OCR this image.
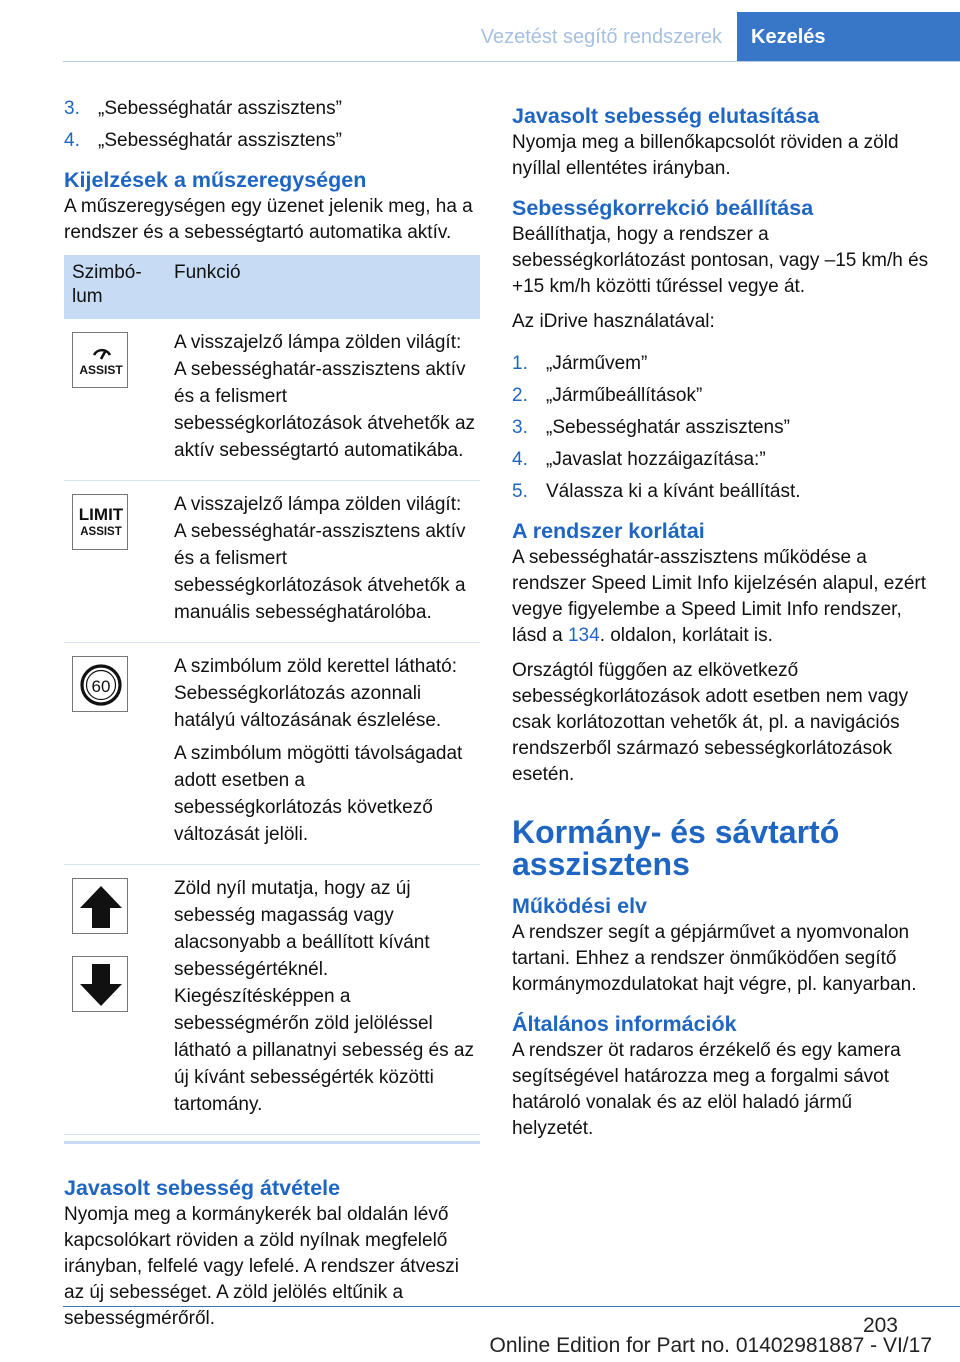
Vezetést segítő rendszerek	Kezelés
3. „Sebességhatár asszisztens”
4. „Sebességhatár asszisztens”
Kijelzések a műszeregységen
A műszeregységen egy üzenet jelenik meg, ha a rendszer és a sebességtartó automatika aktív.
Szimbólum
Funkció
ASSIST
A visszajelző lámpa zölden világít: A sebességhatár-asszisztens aktív és a felismert sebességkorlátozások átvehetők az aktív sebességtartó automatikába.
LIMIT
ASSIST
A visszajelző lámpa zölden világít: A sebességhatár-asszisztens aktív és a felismert sebességkorlátozások átvehetők a manuális sebességhatárolóba.
60
A szimbólum zöld kerettel látható: Sebességkorlátozás azonnali hatályú változásának észlelése.
A szimbólum mögötti távolságadat adott esetben a sebességkorlátozás következő változását jelöli.
Zöld nyíl mutatja, hogy az új sebesség magasság vagy alacsonyabb a beállított kívánt sebességértéknél. Kiegészítésképpen a sebességmérőn zöld jelöléssel látható a pillanatnyi sebesség és az új kívánt sebességérték közötti tartomány.
Javasolt sebesség átvétele
Nyomja meg a kormánykerék bal oldalán lévő kapcsolókart röviden a zöld nyílnak megfelelő irányban, felfelé vagy lefelé. A rendszer átveszi az új sebességet. A zöld jelölés eltűnik a sebességmérőről.
Javasolt sebesség elutasítása
Nyomja meg a billenőkapcsolót röviden a zöld nyíllal ellentétes irányban.
Sebességkorrekció beállítása
Beállíthatja, hogy a rendszer a sebességkorlátozást pontosan, vagy –15 km/h és +15 km/h közötti tűréssel vegye át.
Az iDrive használatával:
1. „Járművem”
2. „Járműbeállítások”
3. „Sebességhatár asszisztens”
4. „Javaslat hozzáigazítása:”
5. Válassza ki a kívánt beállítást.
A rendszer korlátai
A sebességhatár-asszisztens működése a rendszer Speed Limit Info kijelzésén alapul, ezért vegye figyelembe a Speed Limit Info rendszer, lásd a 134. oldalon, korlátait is.
Országtól függően az elkövetkező sebességkorlátozások adott esetben nem vagy csak korlátozottan vehetők át, pl. a navigációs rendszerből származó sebességkorlátozások esetén.
Kormány- és sávtartó asszisztens
Működési elv
A rendszer segít a gépjárművet a nyomvonalon tartani. Ehhez a rendszer önműködően segítő kormánymozdulatokat hajt végre, pl. kanyarban.
Általános információk
A rendszer öt radaros érzékelő és egy kamera segítségével határozza meg a forgalmi sávot határoló vonalak és az elöl haladó jármű helyzetét.
203
Online Edition for Part no. 01402981887 - VI/17
